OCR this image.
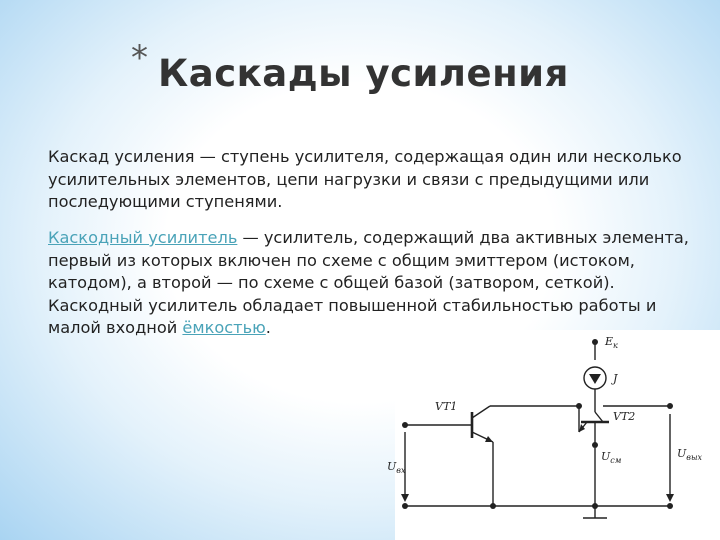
* Каскады усиления
Каскад усиления — ступень усилителя, содержащая один или несколько усилительных элементов, цепи нагрузки и связи с предыдущими или последующими ступенями.
Каскодный усилитель — усилитель, содержащий два активных элемента, первый из которых включен по схеме с общим эмиттером (истоком, катодом), а второй — по схеме с общей базой (затвором, сеткой). Каскодный усилитель обладает повышенной стабильностью работы и малой входной ёмкостью.
$E_к$
J
VT1
VT2
$U_{вх}$
$U_{см}$
$U_{вых}$
